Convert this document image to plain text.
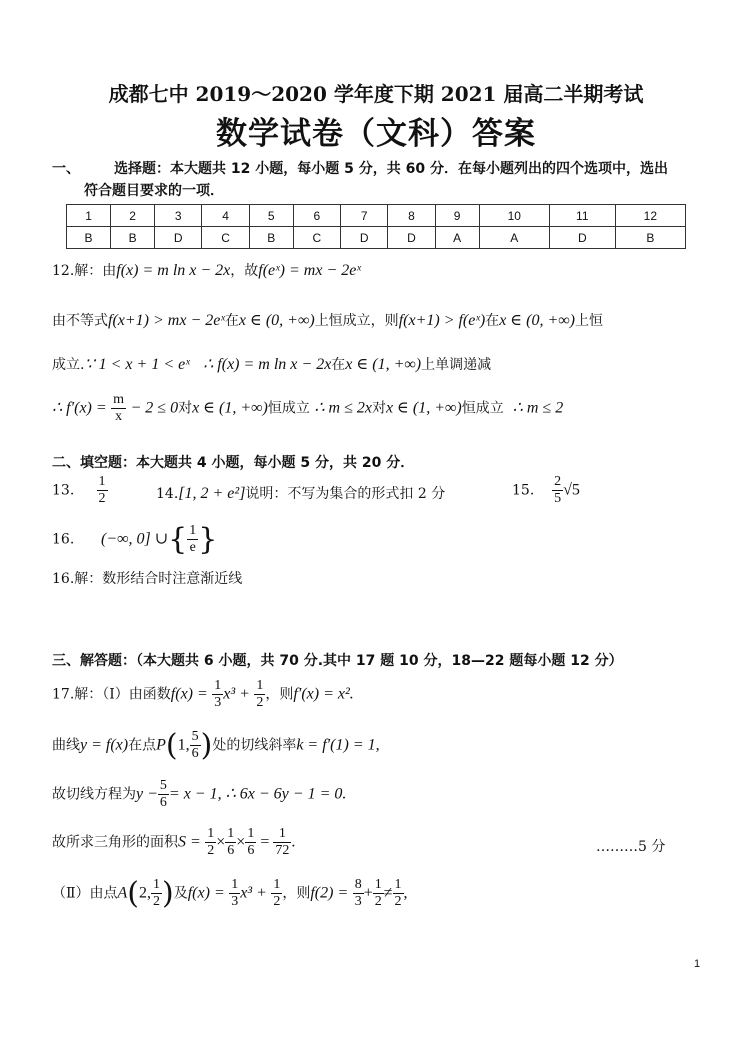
成都七中 2019～2020 学年度下期 2021 届高二半期考试
数学试卷（文科）答案
一、 选择题：本大题共 12 小题，每小题 5 分，共 60 分．在每小题列出的四个选项中，选出
符合题目要求的一项．
1	2	3	4	5	6	7	8	9	10	11	12
B	B	D	C	B	C	D	D	A	A	D	B
12.解：由f(x) = m ln x − 2x，故f(eˣ) = mx − 2eˣ
由不等式f(x+1) > mx − 2eˣ在x ∈ (0, +∞)上恒成立，则f(x+1) > f(eˣ)在x ∈ (0, +∞)上恒
成立.∵ 1 < x + 1 < eˣ ∴ f(x) = m ln x − 2x在x ∈ (1, +∞)上单调递减
∴ $f'(x) = \frac{m}{x} - 2 \le 0$对x ∈ (1, +∞)恒成立 ∴ m ≤ 2x对x ∈ (1, +∞)恒成立 ∴ m ≤ 2
二、填空题：本大题共 4 小题，每小题 5 分，共 20 分．
13. $\frac{1}{2}$	14.[1, 2 + e²]说明：不写为集合的形式扣 2 分	15. $\frac{2}{5} √5$
16. (−∞, 0] ∪{ $\frac{1}{e}$ }
16.解：数形结合时注意渐近线
三、解答题：（本大题共 6 小题，共 70 分.其中 17 题 10 分，18—22 题每小题 12 分）
17.解：（Ⅰ）由函数$f(x) = \frac{1}{3} x^3 + \frac{1}{2}$ ，则f′(x) = x².
曲线y = f(x)在点P(1, $\frac{5}{6}$ )处的切线斜率k = f′(1) = 1,
故切线方程为$y - \frac{5}{6} = x - 1$, ∴ 6x − 6y − 1 = 0.
故所求三角形的面积$S = \frac{1}{2} \times \frac{1}{6} \times \frac{1}{6} = \frac{1}{72}$ .	………5 分
（Ⅱ）由点A(2, $\frac{1}{2}$ )及$f(x) = \frac{1}{3} x^3 + \frac{1}{2}$ ，则$f(2) = \frac{8}{3} + \frac{1}{2} \ne \frac{1}{2}$ ,
1
